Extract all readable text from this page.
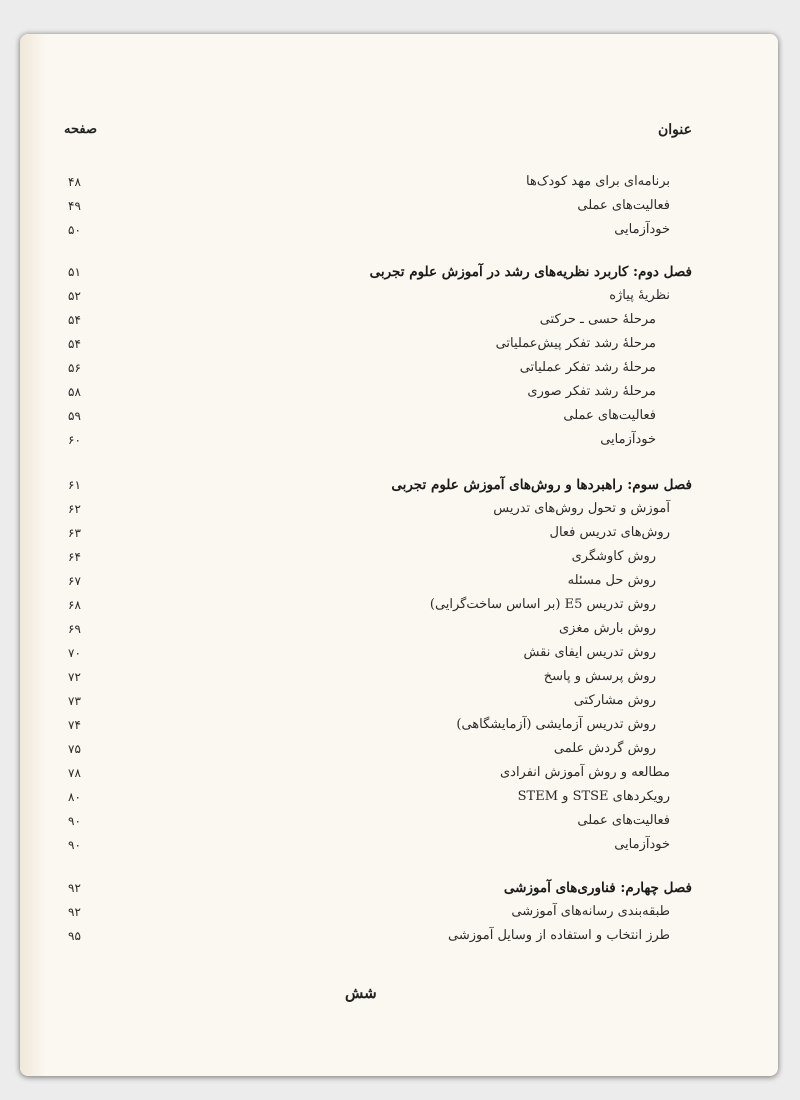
عنوان
صفحه
برنامه‌ای برای مهد کودک‌ها
۴۸
فعالیت‌های عملی
۴۹
خودآزمایی
۵۰
فصل دوم: کاربرد نظریه‌های رشد در آموزش علوم تجربی
۵۱
نظریهٔ پیاژه
۵۲
مرحلهٔ حسی ـ حرکتی
۵۴
مرحلهٔ رشد تفکر پیش‌عملیاتی
۵۴
مرحلهٔ رشد تفکر عملیاتی
۵۶
مرحلهٔ رشد تفکر صوری
۵۸
فعالیت‌های عملی
۵۹
خودآزمایی
۶۰
فصل سوم: راهبردها و روش‌های آموزش علوم تجربی
۶۱
آموزش و تحول روش‌های تدریس
۶۲
روش‌های تدریس فعال
۶۳
روش کاوشگری
۶۴
روش حل مسئله
۶۷
روش تدریس E5 (بر اساس ساخت‌گرایی)
۶۸
روش بارش مغزی
۶۹
روش تدریس ایفای نقش
۷۰
روش پرسش و پاسخ
۷۲
روش مشارکتی
۷۳
روش تدریس آزمایشی (آزمایشگاهی)
۷۴
روش گردش علمی
۷۵
مطالعه و روش آموزش انفرادی
۷۸
رویکردهای STSE و STEM
۸۰
فعالیت‌های عملی
۹۰
خودآزمایی
۹۰
فصل چهارم: فناوری‌های آموزشی
۹۲
طبقه‌بندی رسانه‌های آموزشی
۹۲
طرز انتخاب و استفاده از وسایل آموزشی
۹۵
شش
